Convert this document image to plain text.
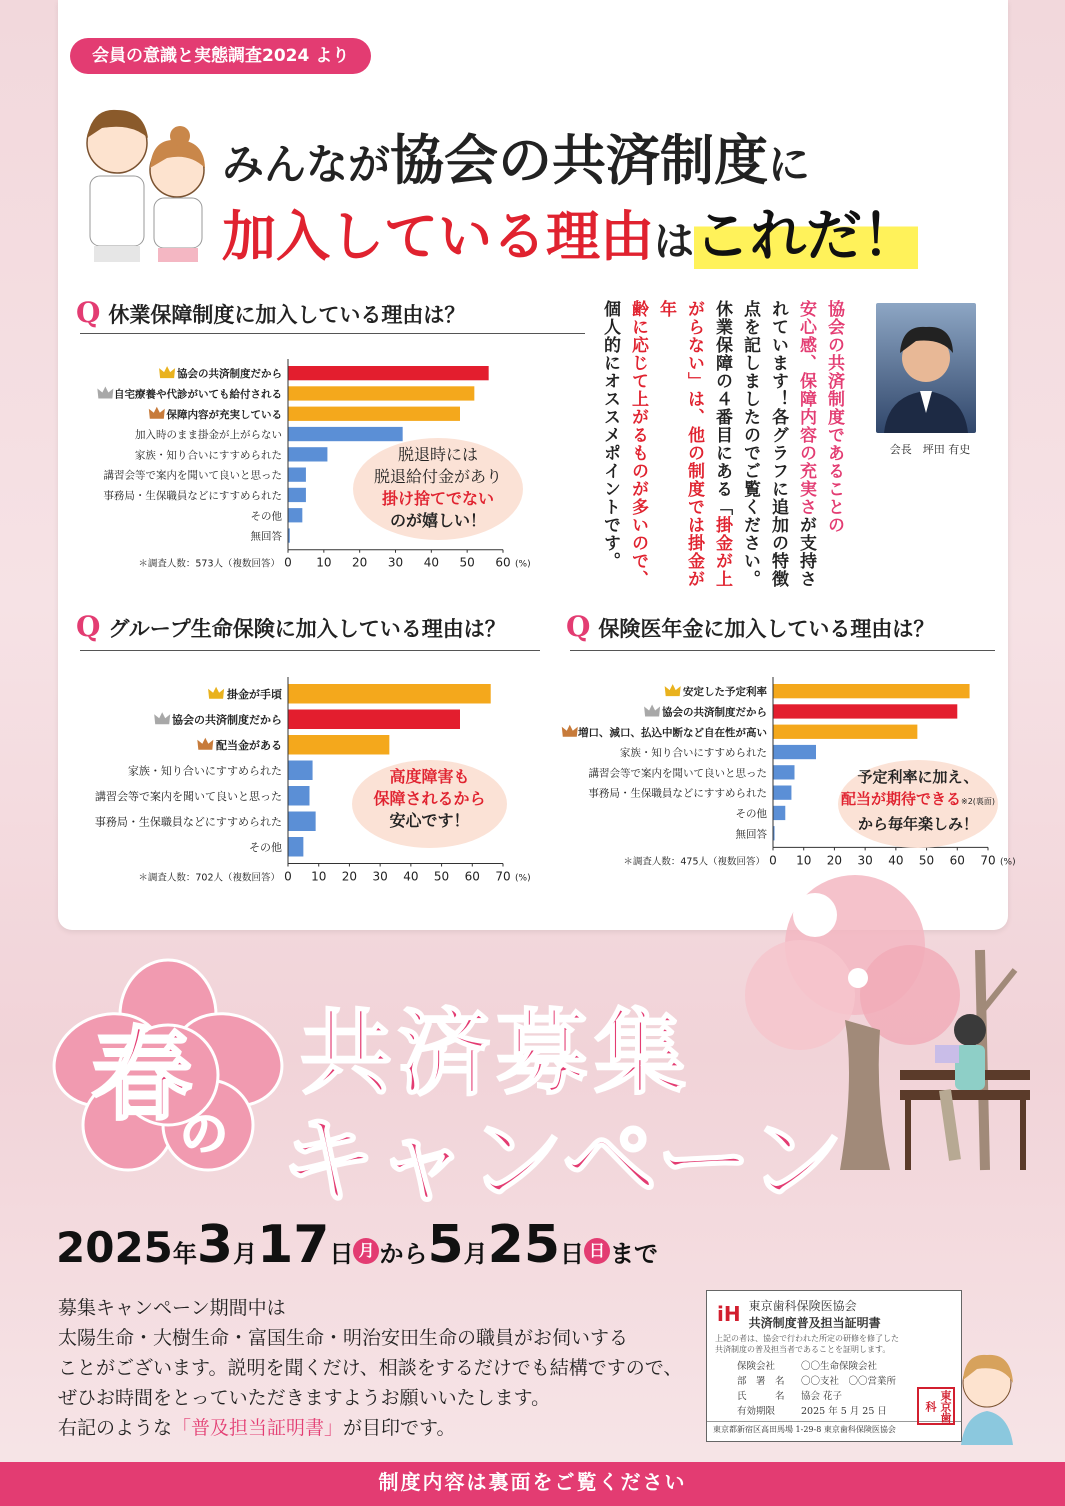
会員の意識と実態調査2024 より
みんなが協会の共済制度に
加入している理由はこれだ！
Q 休業保障制度に加入している理由は？
協会の共済制度だから
自宅療養や代診がいても給付される
保障内容が充実している
加入時のまま掛金が上がらない
家族・知り合いにすすめられた
講習会等で案内を聞いて良いと思った
事務局・生保職員などにすすめられた
その他
無回答
0 10 20 30 40 50 60 (%)
＊調査人数：573人（複数回答）
脱退時には
脱退給付金があり
掛け捨てでない
のが嬉しい！	協会の共済制度であることの
安心感、保障内容の充実さが支持さ
れています！各グラフに追加の特徴
点を記しましたのでご覧ください。
休業保障の４番目にある「掛金が上
がらない」は、他の制度では掛金が年
齢に応じて上がるものが多いので、
個人的にオススメポイントです。	会長　坪田 有史
Q グループ生命保険に加入している理由は？
掛金が手頃
協会の共済制度だから
配当金がある
家族・知り合いにすすめられた
講習会等で案内を聞いて良いと思った
事務局・生保職員などにすすめられた
その他
0 10 20 30 40 50 60 70 (%)
＊調査人数：702人（複数回答）
高度障害も
保障されるから
安心です！
Q 保険医年金に加入している理由は？
安定した予定利率
協会の共済制度だから
増口、減口、払込中断など自在性が高い
家族・知り合いにすすめられた
講習会等で案内を聞いて良いと思った
事務局・生保職員などにすすめられた
その他
無回答
0 10 20 30 40 50 60 70 (%)
＊調査人数：475人（複数回答）
予定利率に加え、
配当が期待できる※2(裏面)
から毎年楽しみ！
春
の
共済募集
キャンペーン
2025年3月17日 月 から5月25日 日 まで
募集キャンペーン期間中は
太陽生命・大樹生命・富国生命・明治安田生命の職員がお伺いする
ことがございます。説明を聞くだけ、相談をするだけでも結構ですので、
ぜひお時間をとっていただきますようお願いいたします。
右記のような「普及担当証明書」が目印です。
iH 東京歯科保険医協会
共済制度普及担当証明書
上記の者は、協会で行われた所定の研修を修了した
共済制度の普及担当者であることを証明します。
保険会社	〇〇生命保険会社
部　署　名 〇〇支社　〇〇営業所
氏　　　名 協会 花子
有効期限	2025 年 5 月 25 日
東京都新宿区高田馬場 1-29-8 東京歯科保険医協会
東京歯科
制度内容は裏面をご覧ください
